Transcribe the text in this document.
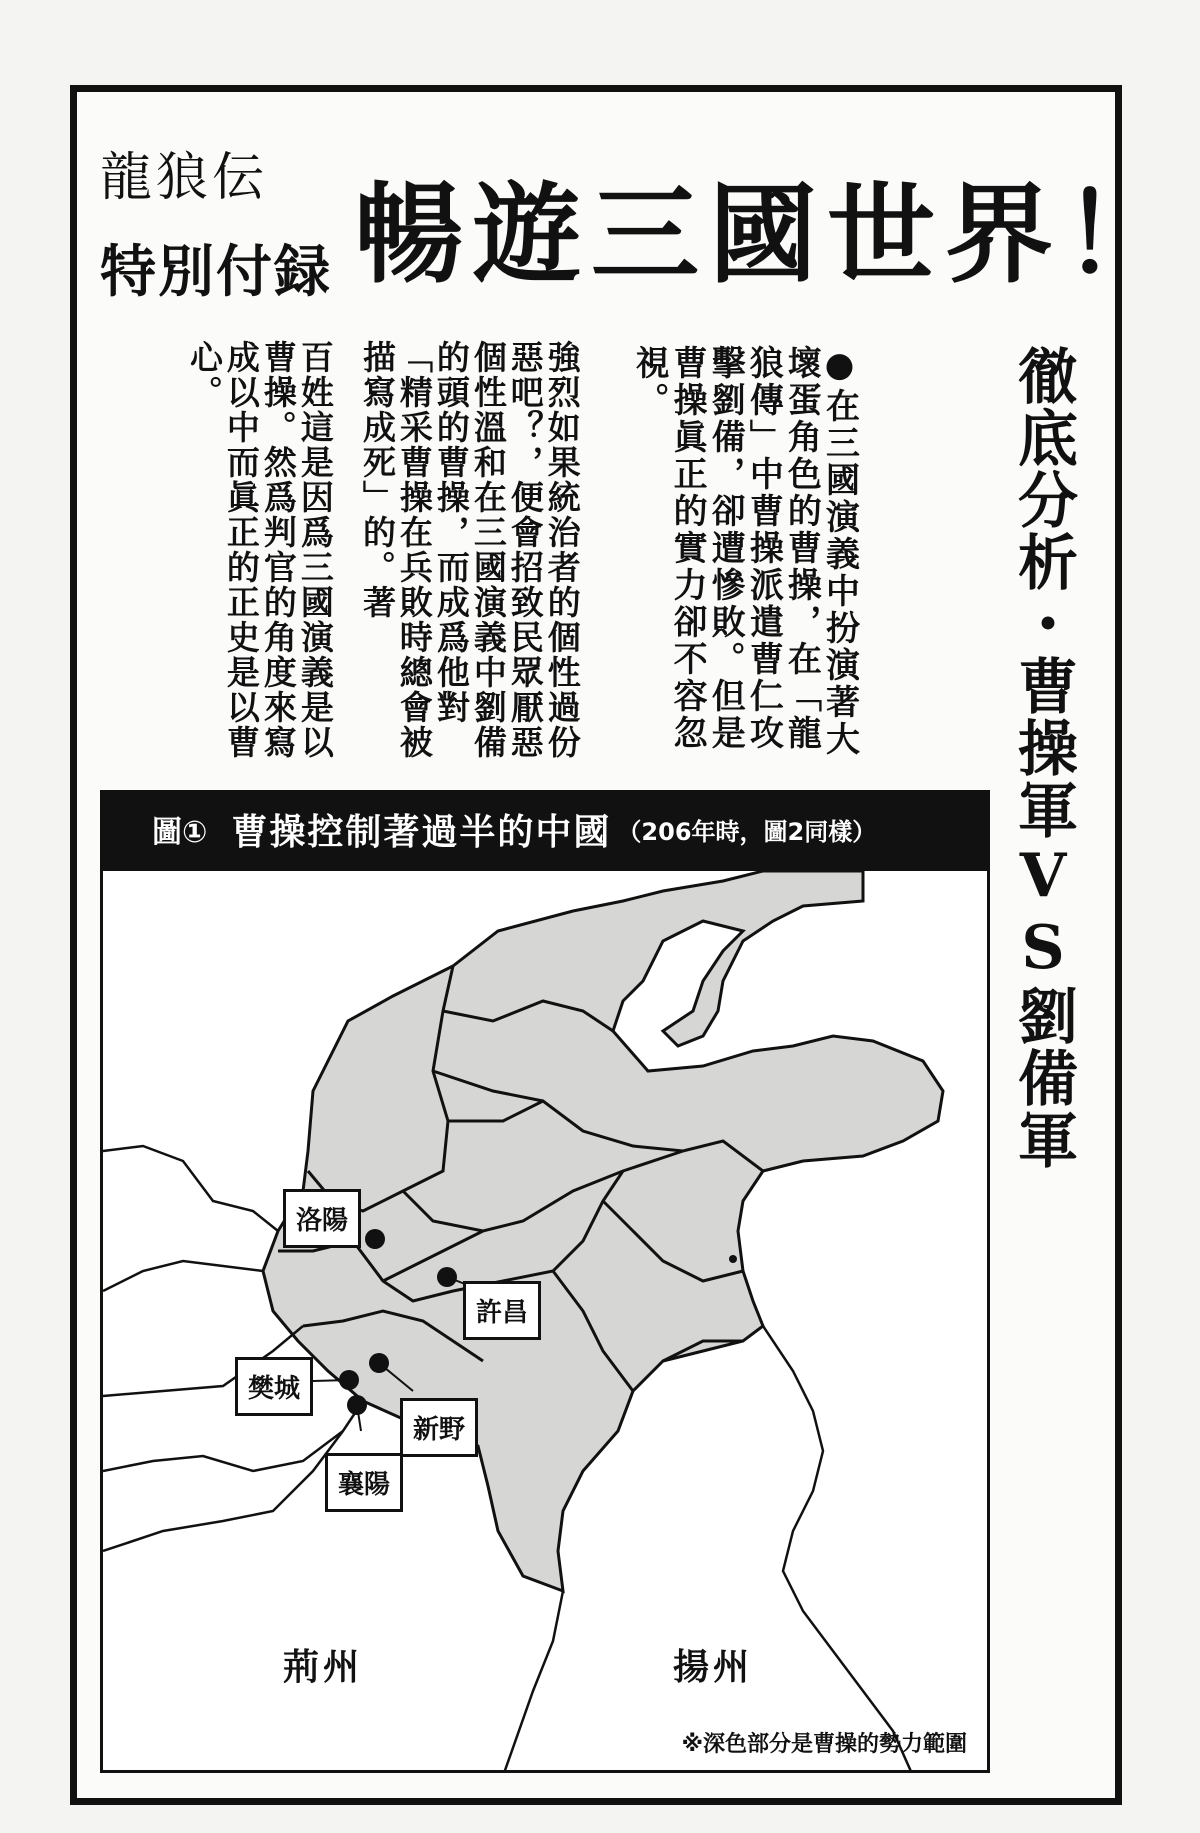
龍狼伝
特別付録 暢遊三國世界！
徹底分析・曹操軍VS劉備軍
●在三國演義中扮演著大壞蛋角色的曹操，在「龍狼傳」中曹操派遣曹仁攻擊劉備，卻遭慘敗。但是曹操眞正的實力卻不容忽視。
強烈如果統治者的個性過份惡吧？，便會招致民眾厭惡個性溫和在三國演義中劉備的頭的曹操，而成爲他對「精采曹操在兵敗時總會被描寫成死」的。著
百姓這是因爲三國演義是以曹操。然爲判官的角度來寫成以中而眞正的正史是以曹心。
圖① 曹操控制著過半的中國 （206年時，圖2同樣）
洛陽
許昌
樊城
新野
襄陽
荊州	揚州
※深色部分是曹操的勢力範圍
